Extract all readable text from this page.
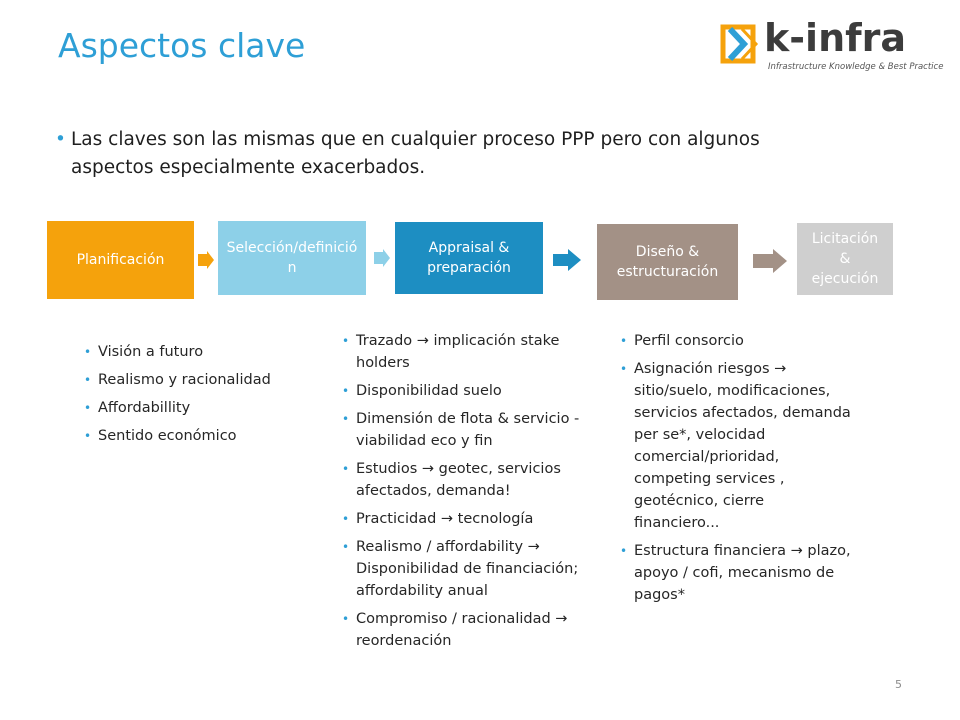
Aspectos clave	k-infra
Infrastructure Knowledge & Best Practice
• Las claves son las mismas que en cualquier proceso PPP pero con algunos aspectos especialmente exacerbados.
Planificación
Selección/definición
Appraisal & preparación
Diseño & estructuración
Licitación & ejecución
• Visión a futuro
• Realismo y racionalidad
• Affordabillity
• Sentido económico
• Trazado → implicación stake holders
• Disponibilidad suelo
• Dimensión de flota & servicio - viabilidad eco y fin
• Estudios → geotec, servicios afectados, demanda!
• Practicidad → tecnología
• Realismo / affordability → Disponibilidad de financiación; affordability anual
• Compromiso / racionalidad → reordenación
• Perfil consorcio
• Asignación riesgos → sitio/suelo, modificaciones, servicios afectados, demanda per se*, velocidad comercial/prioridad, competing services , geotécnico, cierre financiero...
• Estructura financiera → plazo, apoyo / cofi, mecanismo de pagos*
5
